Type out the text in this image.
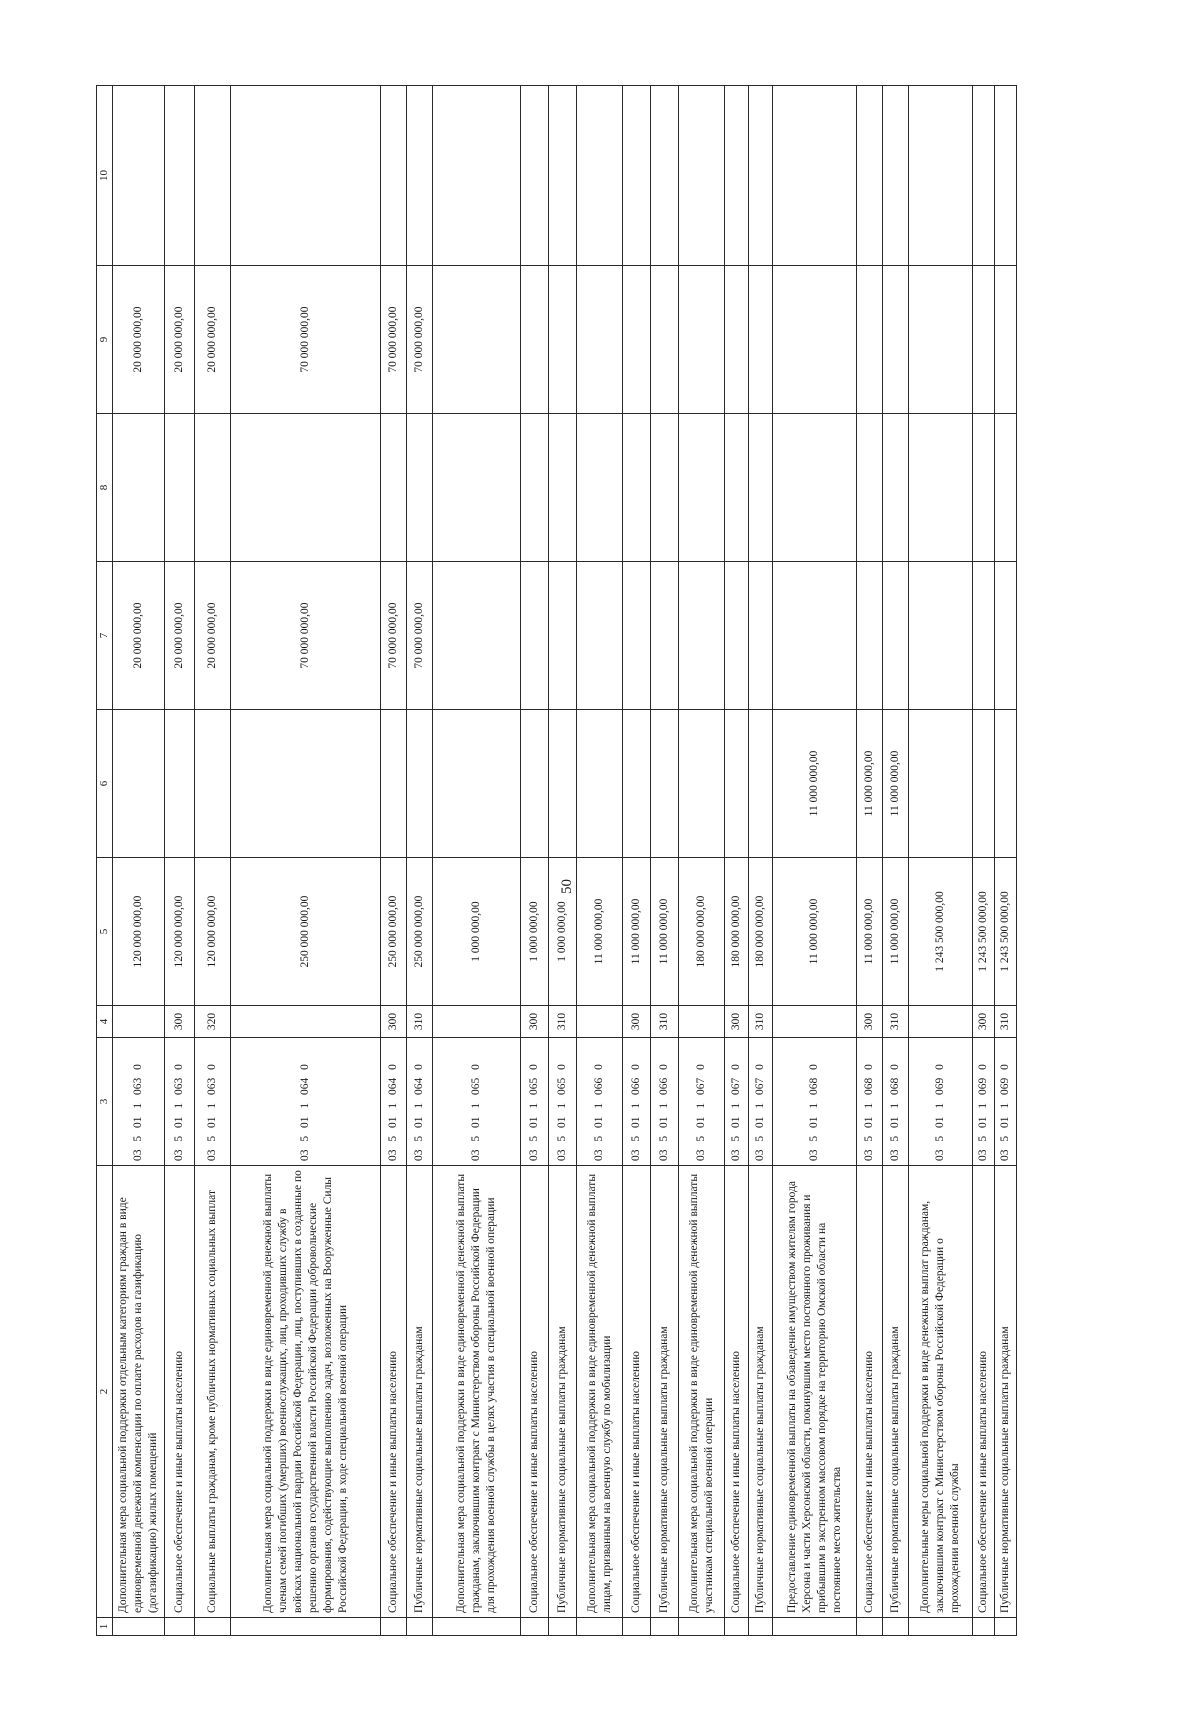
50
1	2	3	4	5	6	7	8	9	10
	Дополнительная мера социальной поддержки отдельным категориям граждан в виде единовременной денежной компенсации по оплате расходов на газификацию (догазификацию) жилых помещений	03 5 01 1 063 0		120 000 000,00		20 000 000,00		20 000 000,00	
	Социальное обеспечение и иные выплаты населению	03 5 01 1 063 0	300	120 000 000,00		20 000 000,00		20 000 000,00	
	Социальные выплаты гражданам, кроме публичных нормативных социальных выплат	03 5 01 1 063 0	320	120 000 000,00		20 000 000,00		20 000 000,00	
	Дополнительная мера социальной поддержки в виде единовременной денежной выплаты членам семей погибших (умерших) военнослужащих, лиц, проходивших службу в войсках национальной гвардии Российской Федерации, лиц, поступивших в созданные по решению органов государственной власти Российской Федерации добровольческие формирования, содействующие выполнению задач, возложенных на Вооруженные Силы Российской Федерации, в ходе специальной военной операции	03 5 01 1 064 0		250 000 000,00		70 000 000,00		70 000 000,00	
	Социальное обеспечение и иные выплаты населению	03 5 01 1 064 0	300	250 000 000,00		70 000 000,00		70 000 000,00	
	Публичные нормативные социальные выплаты гражданам	03 5 01 1 064 0	310	250 000 000,00		70 000 000,00		70 000 000,00	
	Дополнительная мера социальной поддержки в виде единовременной денежной выплаты гражданам, заключившим контракт с Министерством обороны Российской Федерации для прохождения военной службы в целях участия в специальной военной операции	03 5 01 1 065 0		1 000 000,00					
	Социальное обеспечение и иные выплаты населению	03 5 01 1 065 0	300	1 000 000,00					
	Публичные нормативные социальные выплаты гражданам	03 5 01 1 065 0	310	1 000 000,00					
	Дополнительная мера социальной поддержки в виде единовременной денежной выплаты лицам, призванным на военную службу по мобилизации	03 5 01 1 066 0		11 000 000,00					
	Социальное обеспечение и иные выплаты населению	03 5 01 1 066 0	300	11 000 000,00					
	Публичные нормативные социальные выплаты гражданам	03 5 01 1 066 0	310	11 000 000,00					
	Дополнительная мера социальной поддержки в виде единовременной денежной выплаты участникам специальной военной операции	03 5 01 1 067 0		180 000 000,00					
	Социальное обеспечение и иные выплаты населению	03 5 01 1 067 0	300	180 000 000,00					
	Публичные нормативные социальные выплаты гражданам	03 5 01 1 067 0	310	180 000 000,00					
	Предоставление единовременной выплаты на обзаведение имуществом жителям города Херсона и части Херсонской области, покинувшим место постоянного проживания и прибывшим в экстренном массовом порядке на территорию Омской области на постоянное место жительства	03 5 01 1 068 0		11 000 000,00	11 000 000,00				
	Социальное обеспечение и иные выплаты населению	03 5 01 1 068 0	300	11 000 000,00	11 000 000,00				
	Публичные нормативные социальные выплаты гражданам	03 5 01 1 068 0	310	11 000 000,00	11 000 000,00				
	Дополнительные меры социальной поддержки в виде денежных выплат гражданам, заключившим контракт с Министерством обороны Российской Федерации о прохождении военной службы	03 5 01 1 069 0		1 243 500 000,00					
	Социальное обеспечение и иные выплаты населению	03 5 01 1 069 0	300	1 243 500 000,00					
	Публичные нормативные социальные выплаты гражданам	03 5 01 1 069 0	310	1 243 500 000,00					
